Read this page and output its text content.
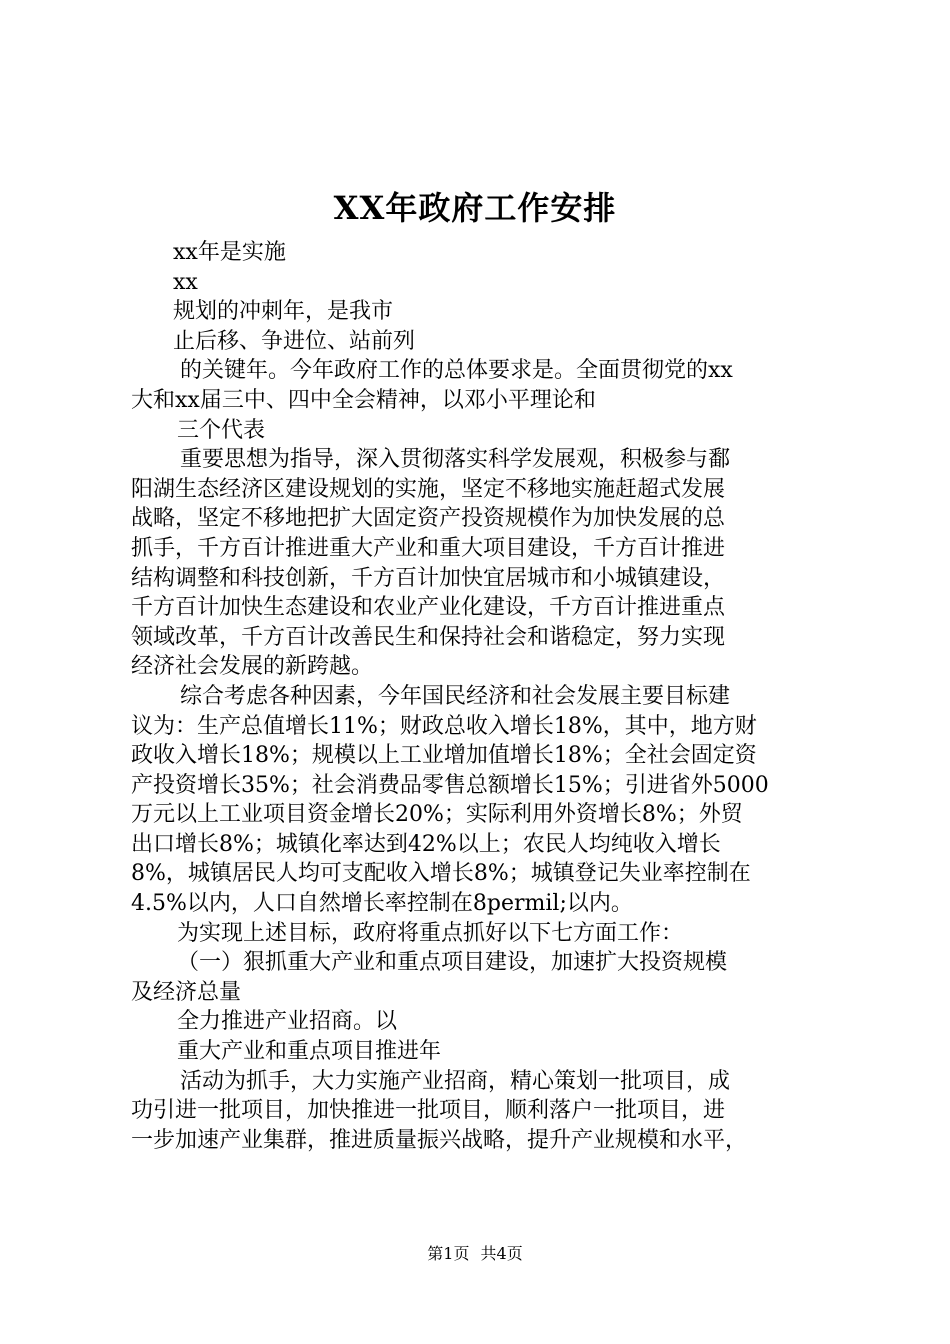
XX年政府工作安排
xx年是实施
xx
规划的冲刺年，是我市
止后移、争进位、站前列
的关键年。今年政府工作的总体要求是。全面贯彻党的xx
大和xx届三中、四中全会精神，以邓小平理论和
三个代表
重要思想为指导，深入贯彻落实科学发展观，积极参与鄱
阳湖生态经济区建设规划的实施，坚定不移地实施赶超式发展
战略，坚定不移地把扩大固定资产投资规模作为加快发展的总
抓手，千方百计推进重大产业和重大项目建设，千方百计推进
结构调整和科技创新，千方百计加快宜居城市和小城镇建设，
千方百计加快生态建设和农业产业化建设，千方百计推进重点
领域改革，千方百计改善民生和保持社会和谐稳定，努力实现
经济社会发展的新跨越。
综合考虑各种因素，今年国民经济和社会发展主要目标建
议为：生产总值增长11%；财政总收入增长18%，其中，地方财
政收入增长18%；规模以上工业增加值增长18%；全社会固定资
产投资增长35%；社会消费品零售总额增长15%；引进省外5000
万元以上工业项目资金增长20%；实际利用外资增长8%；外贸
出口增长8%；城镇化率达到42%以上；农民人均纯收入增长
8%，城镇居民人均可支配收入增长8%；城镇登记失业率控制在
4.5%以内，人口自然增长率控制在8permil;以内。
为实现上述目标，政府将重点抓好以下七方面工作：
（一）狠抓重大产业和重点项目建设，加速扩大投资规模
及经济总量
全力推进产业招商。以
重大产业和重点项目推进年
活动为抓手，大力实施产业招商，精心策划一批项目，成
功引进一批项目，加快推进一批项目，顺利落户一批项目，进
一步加速产业集群，推进质量振兴战略，提升产业规模和水平，
第1页 共4页
